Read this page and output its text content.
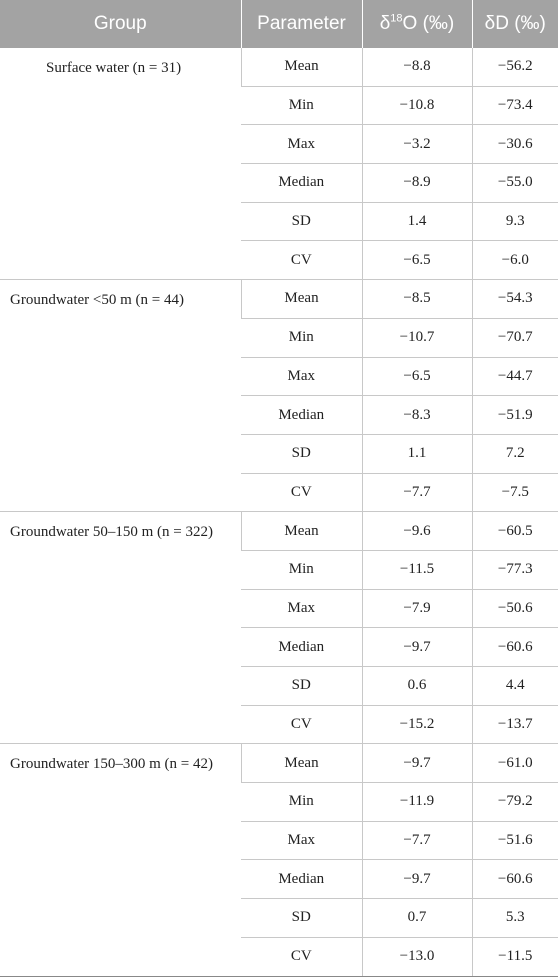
Group	Parameter	$\delta^{18}O$ (‰)	δD (‰)
Surface water (n = 31)	Mean	−8.8	−56.2
	Min	−10.8	−73.4
	Max	−3.2	−30.6
	Median	−8.9	−55.0
	SD	1.4	9.3
	CV	−6.5	−6.0
Groundwater <50 m (n = 44)	Mean	−8.5	−54.3
	Min	−10.7	−70.7
	Max	−6.5	−44.7
	Median	−8.3	−51.9
	SD	1.1	7.2
	CV	−7.7	−7.5
Groundwater 50–150 m (n = 322)	Mean	−9.6	−60.5
	Min	−11.5	−77.3
	Max	−7.9	−50.6
	Median	−9.7	−60.6
	SD	0.6	4.4
	CV	−15.2	−13.7
Groundwater 150–300 m (n = 42)	Mean	−9.7	−61.0
	Min	−11.9	−79.2
	Max	−7.7	−51.6
	Median	−9.7	−60.6
	SD	0.7	5.3
	CV	−13.0	−11.5
